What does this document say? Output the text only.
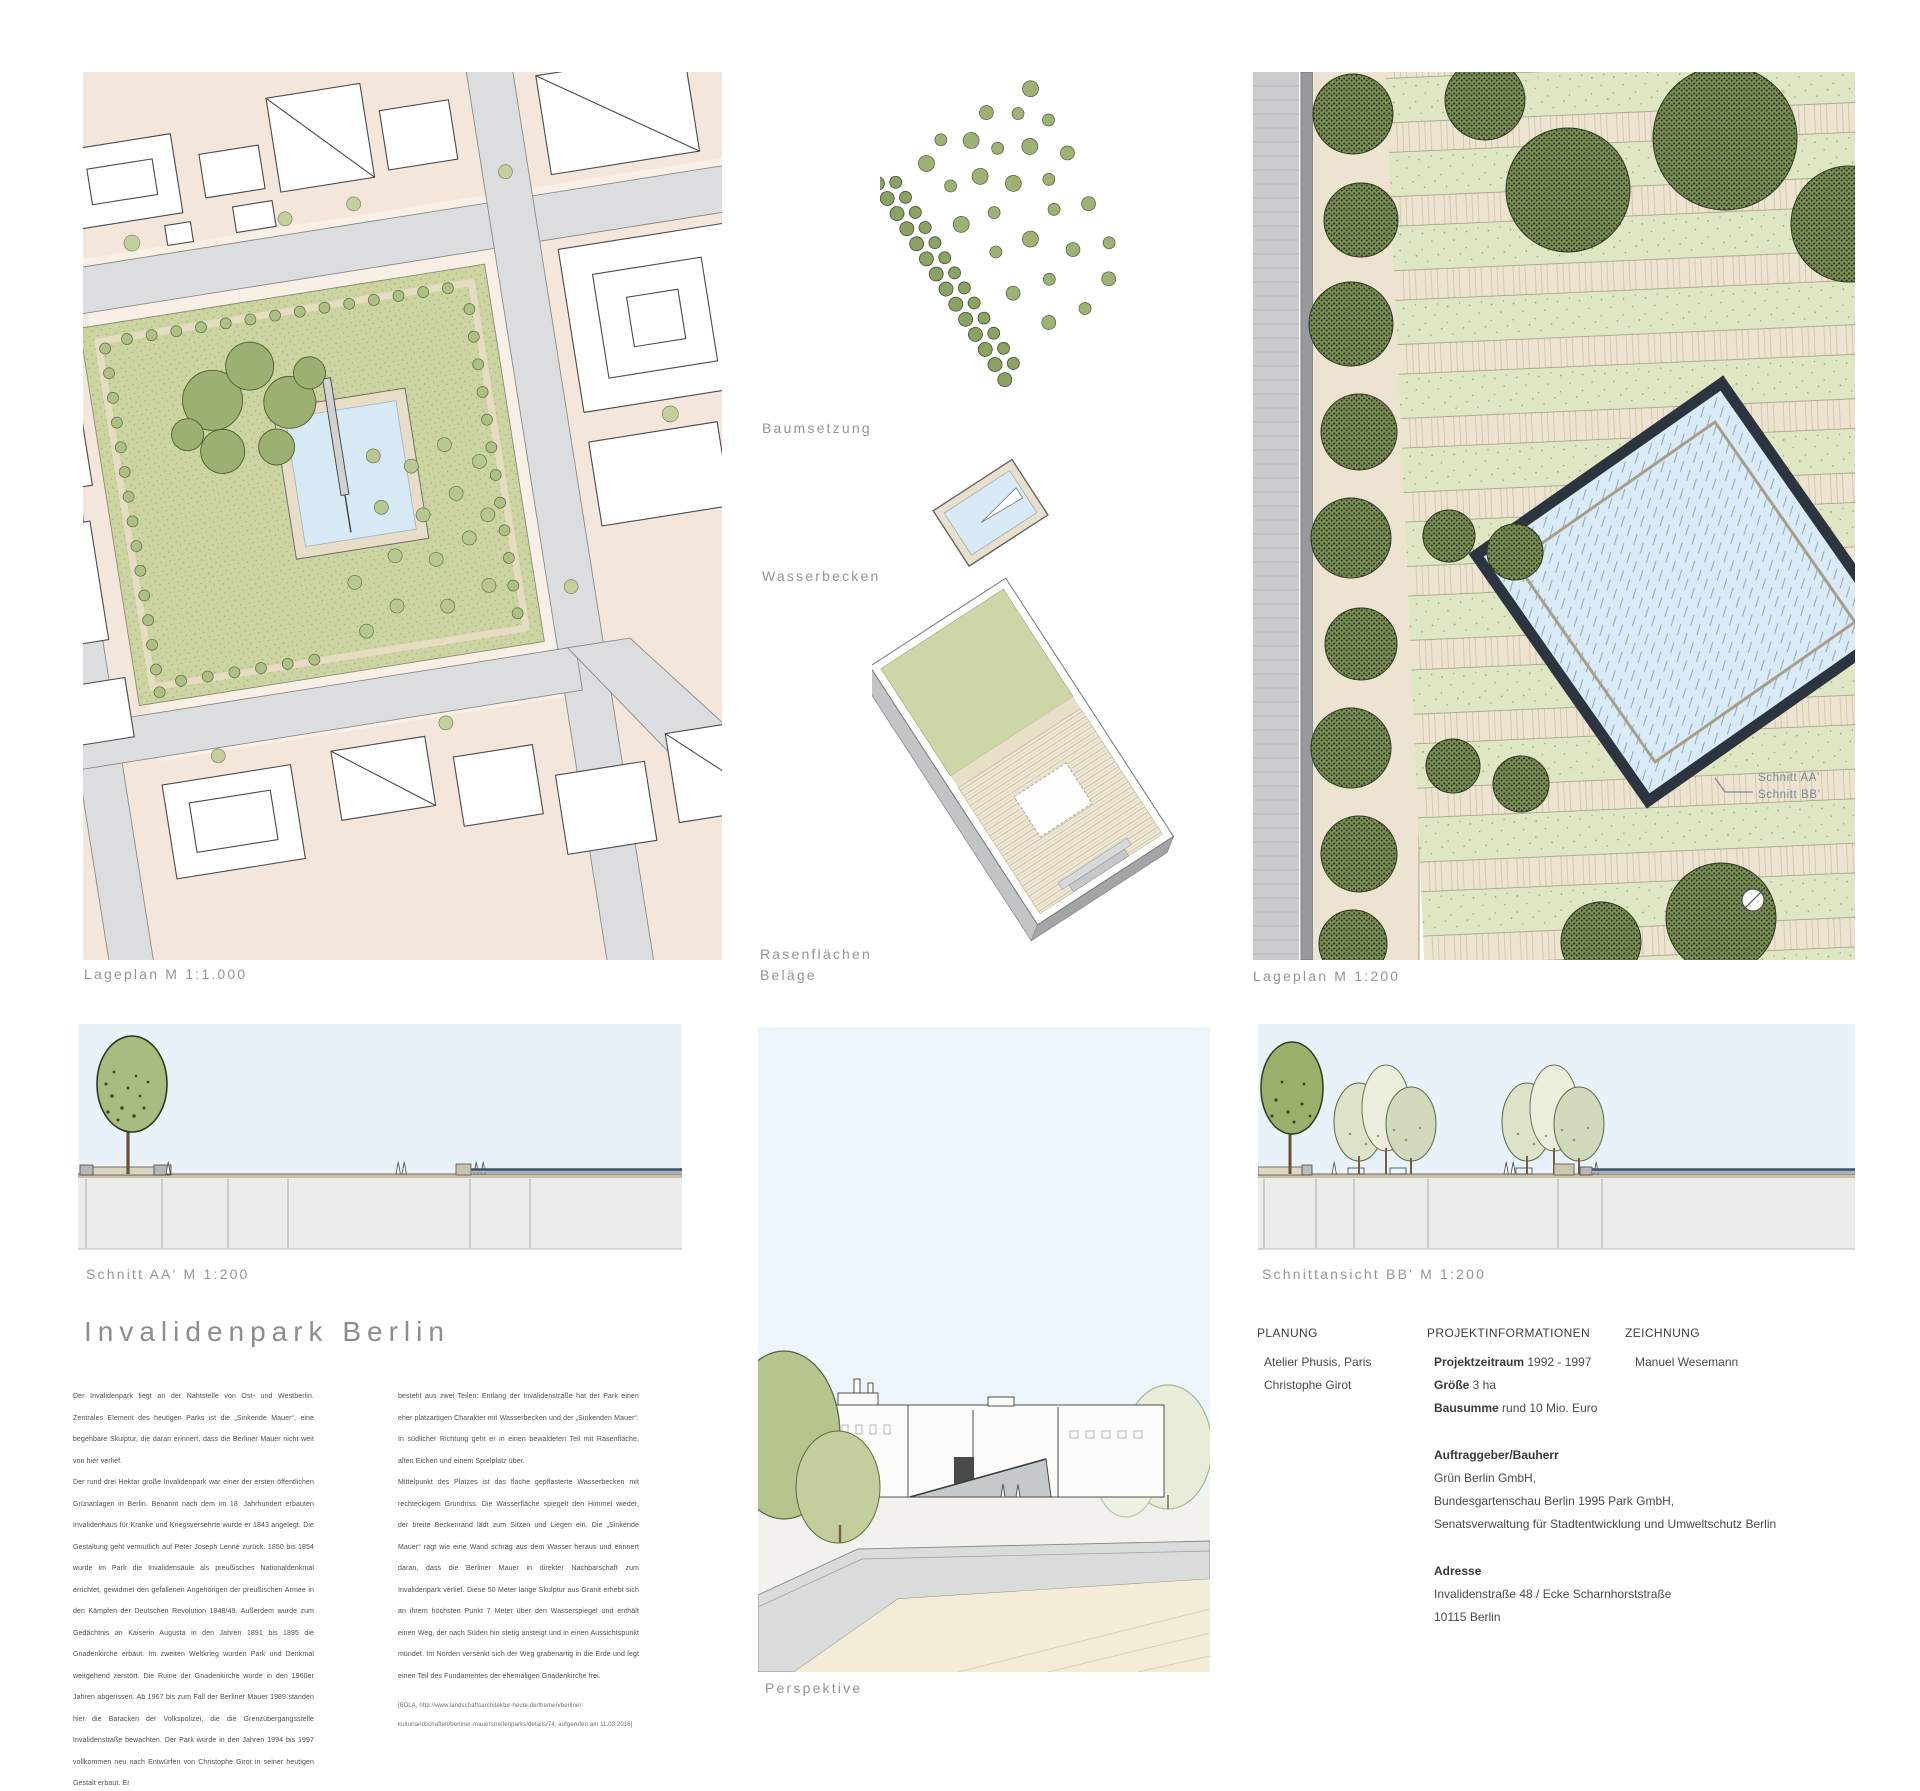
Lageplan M 1:1.000
Baumsetzung
Wasserbecken
Rasenflächen
Beläge
Schnitt AA'
Schnitt BB'
Lageplan M 1:200
Schnitt AA' M 1:200
Perspektive
Schnittansicht BB' M 1:200
Invalidenpark Berlin

Der Invalidenpark liegt an der Nahtstelle von Ost- und Westberlin. Zentrales Element des heutigen Parks ist die „Sinkende Mauer“, eine begehbare Skulptur, die daran erinnert, dass die Berliner Mauer nicht weit von hier verlief.

Der rund drei Hektar große Invalidenpark war einer der ersten öffentlichen Grünanlagen in Berlin. Benannt nach dem im 18. Jahrhundert erbauten Invalidenhaus für Kranke und Kriegsversehrte wurde er 1843 angelegt. Die Gestaltung geht vermutlich auf Peter Joseph Lenné zurück. 1850 bis 1854 wurde im Park die Invalidensäule als preußisches Nationaldenkmal errichtet, gewidmet den gefallenen Angehörigen der preußischen Armee in den Kämpfen der Deutschen Revolution 1848/49. Außerdem wurde zum Gedächtnis an Kaiserin Augusta in den Jahren 1891 bis 1895 die Gnadenkirche erbaut. Im zweiten Weltkrieg wurden Park und Denkmal weitgehend zerstört. Die Ruine der Gnadenkirche wurde in den 1960er Jahren abgerissen. Ab 1967 bis zum Fall der Berliner Mauer 1989 standen hier die Baracken der Volkspolizei, die die Grenzübergangsstelle Invalidenstraße bewachten. Der Park wurde in den Jahren 1994 bis 1997 vollkommen neu nach Entwürfen von Christophe Girot in seiner heutigen Gestalt erbaut. Er

besteht aus zwei Teilen: Entlang der Invalidenstraße hat der Park einen eher platzartigen Charakter mit Wasserbecken und der „Sinkenden Mauer“. In südlicher Richtung geht er in einen bewaldeten Teil mit Rasenfläche, alten Eichen und einem Spielplatz über.

Mittelpunkt des Platzes ist das flache gepflasterte Wasserbecken mit rechteckigem Grundriss. Die Wasserfläche spiegelt den Himmel wieder, der breite Beckenrand lädt zum Sitzen und Liegen ein. Die „Sinkende Mauer“ ragt wie eine Wand schräg aus dem Wasser heraus und erinnert daran, dass die Berliner Mauer in direkter Nachbarschaft zum Invalidenpark verlief. Diese 50 Meter lange Skulptur aus Granit erhebt sich an ihrem höchsten Punkt 7 Meter über den Wasserspiegel und enthält einen Weg, der nach Süden hin stetig ansteigt und in einen Aussichtspunkt mündet. Im Norden versenkt sich der Weg grabenartig in die Erde und legt einen Teil des Fundamentes der ehemaligen Gnadenkirche frei.

[BDLA, http://www.landschaftsarchitektur-heute.de/themen/berliner-kulturlandschaften/berliner-mauerstreifenparks/details/74, aufgerufen am 11.03.2016]
PLANUNG
Atelier Phusis, Paris
Christophe Girot
PROJEKTINFORMATIONEN
Projektzeitraum 1992 - 1997
Größe 3 ha
Bausumme rund 10 Mio. Euro
Auftraggeber/Bauherr
Grün Berlin GmbH,
Bundesgartenschau Berlin 1995 Park GmbH,
Senatsverwaltung für Stadtentwicklung und Umweltschutz Berlin
Adresse
Invalidenstraße 48 / Ecke Scharnhorststraße
10115 Berlin
ZEICHNUNG
Manuel Wesemann
